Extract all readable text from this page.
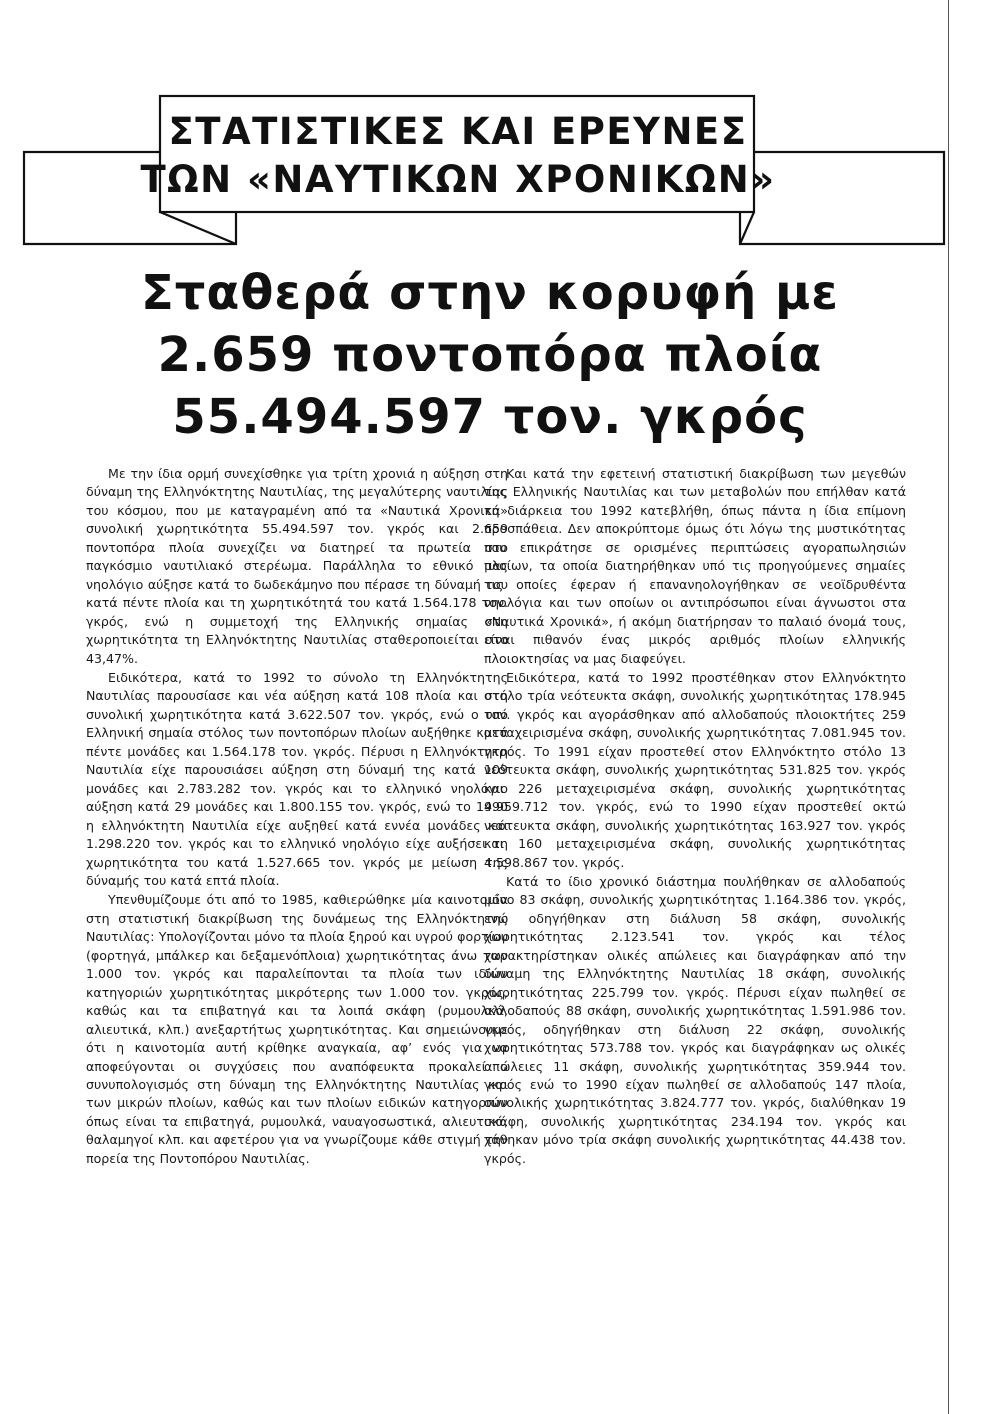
ΣΤΑΤΙΣΤΙΚΕΣ ΚΑΙ ΕΡΕΥΝΕΣ
ΤΩΝ «ΝΑΥΤΙΚΩΝ ΧΡΟΝΙΚΩΝ»
Σταθερά στην κορυφή με
2.659 ποντοπόρα πλοία
55.494.597 τον. γκρός

Με την ίδια ορμή συνεχίσθηκε για τρίτη χρονιά η αύξηση στη δύναμη της Ελληνόκτητης Ναυτιλίας, της μεγαλύτερης ναυτιλίας του κόσμου, που με καταγραμένη από τα «Ναυτικά Χρονικά» συνολική χωρητικότητα 55.494.597 τον. γκρός και 2.659 ποντοπόρα πλοία συνεχίζει να διατηρεί τα πρωτεία στο παγκόσμιο ναυτιλιακό στερέωμα. Παράλληλα το εθνικό μας νηολόγιο αύξησε κατά το δωδεκάμηνο που πέρασε τη δύναμή του κατά πέντε πλοία και τη χωρητικότητά του κατά 1.564.178 τον. γκρός, ενώ η συμμετοχή της Ελληνικής σημαίας στη χωρητικότητα τη Ελληνόκτητης Ναυτιλίας σταθεροποιείται στο 43,47%.

Ειδικότερα, κατά το 1992 το σύνολο τη Ελληνόκτητης Ναυτιλίας παρουσίασε και νέα αύξηση κατά 108 πλοία και στη συνολική χωρητικότητα κατά 3.622.507 τον. γκρός, ενώ ο υπό Ελληνική σημαία στόλος των ποντοπόρων πλοίων αυξήθηκε κατά πέντε μονάδες και 1.564.178 τον. γκρός. Πέρυσι η Ελληνόκτητη Ναυτιλία είχε παρουσιάσει αύξηση στη δύναμή της κατά 109 μονάδες και 2.783.282 τον. γκρός και το ελληνικό νηολόγιο αύξηση κατά 29 μονάδες και 1.800.155 τον. γκρός, ενώ το 1990 η ελληνόκτητη Ναυτιλία είχε αυξηθεί κατά εννέα μονάδες και 1.298.220 τον. γκρός και το ελληνικό νηολόγιο είχε αυξήσει τη χωρητικότητα του κατά 1.527.665 τον. γκρός με μείωση της δύναμής του κατά επτά πλοία.

Υπενθυμίζουμε ότι από το 1985, καθιερώθηκε μία καινοτομία στη στατιστική διακρίβωση της δυνάμεως της Ελληνόκτητης Ναυτιλίας: Υπολογίζονται μόνο τα πλοία ξηρού και υγρού φορτίου (φορτηγά, μπάλκερ και δεξαμενόπλοια) χωρητικότητας άνω των 1.000 τον. γκρός και παραλείπονται τα πλοία των ιδίων κατηγοριών χωρητικότητας μικρότερης των 1.000 τον. γκρός, καθώς και τα επιβατηγά και τα λοιπά σκάφη (ρυμουλκά, αλιευτικά, κλπ.) ανεξαρτήτως χωρητικότητας. Και σημειώνουμε ότι η καινοτομία αυτή κρίθηκε αναγκαία, αφ’ ενός για να αποφεύγονται οι συγχύσεις που αναπόφευκτα προκαλεί ο συνυπολογισμός στη δύναμη της Ελληνόκτητης Ναυτιλίας και των μικρών πλοίων, καθώς και των πλοίων ειδικών κατηγοριών όπως είναι τα επιβατηγά, ρυμουλκά, ναυαγοσωστικά, αλιευτικά, θαλαμηγοί κλπ. και αφετέρου για να γνωρίζουμε κάθε στιγμή την πορεία της Ποντοπόρου Ναυτιλίας.

Και κατά την εφετεινή στατιστική διακρίβωση των μεγεθών της Ελληνικής Ναυτιλίας και των μεταβολών που επήλθαν κατά τη διάρκεια του 1992 κατεβλήθη, όπως πάντα η ίδια επίμονη προσπάθεια. Δεν αποκρύπτομε όμως ότι λόγω της μυστικότητας που επικράτησε σε ορισμένες περιπτώσεις αγοραπωλησιών πλοίων, τα οποία διατηρήθηκαν υπό τις προηγούμενες σημαίες τις οποίες έφεραν ή επανανηολογήθηκαν σε νεοϊδρυθέντα νηολόγια και των οποίων οι αντιπρόσωποι είναι άγνωστοι στα «Ναυτικά Χρονικά», ή ακόμη διατήρησαν το παλαιό όνομά τους, είναι πιθανόν ένας μικρός αριθμός πλοίων ελληνικής πλοιοκτησίας να μας διαφεύγει.

Ειδικότερα, κατά το 1992 προστέθηκαν στον Ελληνόκτητο στόλο τρία νεότευκτα σκάφη, συνολικής χωρητικότητας 178.945 τον. γκρός και αγοράσθηκαν από αλλοδαπούς πλοιοκτήτες 259 μεταχειρισμένα σκάφη, συνολικής χωρητικότητας 7.081.945 τον. γκρός. Το 1991 είχαν προστεθεί στον Ελληνόκτητο στόλο 13 νεότευκτα σκάφη, συνολικής χωρητικότητας 531.825 τον. γκρός και 226 μεταχειρισμένα σκάφη, συνολικής χωρητικότητας 4.959.712 τον. γκρός, ενώ το 1990 είχαν προστεθεί οκτώ νεότευκτα σκάφη, συνολικής χωρητικότητας 163.927 τον. γκρός και 160 μεταχειρισμένα σκάφη, συνολικής χωρητικότητας 4.598.867 τον. γκρός.

Κατά το ίδιο χρονικό διάστημα πουλήθηκαν σε αλλοδαπούς μόνο 83 σκάφη, συνολικής χωρητικότητας 1.164.386 τον. γκρός, ενώ οδηγήθηκαν στη διάλυση 58 σκάφη, συνολικής χωρητικότητας 2.123.541 τον. γκρός και τέλος χαρακτηρίστηκαν ολικές απώλειες και διαγράφηκαν από την δύναμη της Ελληνόκτητης Ναυτιλίας 18 σκάφη, συνολικής χωρητικότητας 225.799 τον. γκρός. Πέρυσι είχαν πωληθεί σε αλλοδαπούς 88 σκάφη, συνολικής χωρητικότητας 1.591.986 τον. γκρός, οδηγήθηκαν στη διάλυση 22 σκάφη, συνολικής χωρητικότητας 573.788 τον. γκρός και διαγράφηκαν ως ολικές απώλειες 11 σκάφη, συνολικής χωρητικότητας 359.944 τον. γκρός ενώ το 1990 είχαν πωληθεί σε αλλοδαπούς 147 πλοία, συνολικής χωρητικότητας 3.824.777 τον. γκρός, διαλύθηκαν 19 σκάφη, συνολικής χωρητικότητας 234.194 τον. γκρός και χάθηκαν μόνο τρία σκάφη συνολικής χωρητικότητας 44.438 τον. γκρός.
